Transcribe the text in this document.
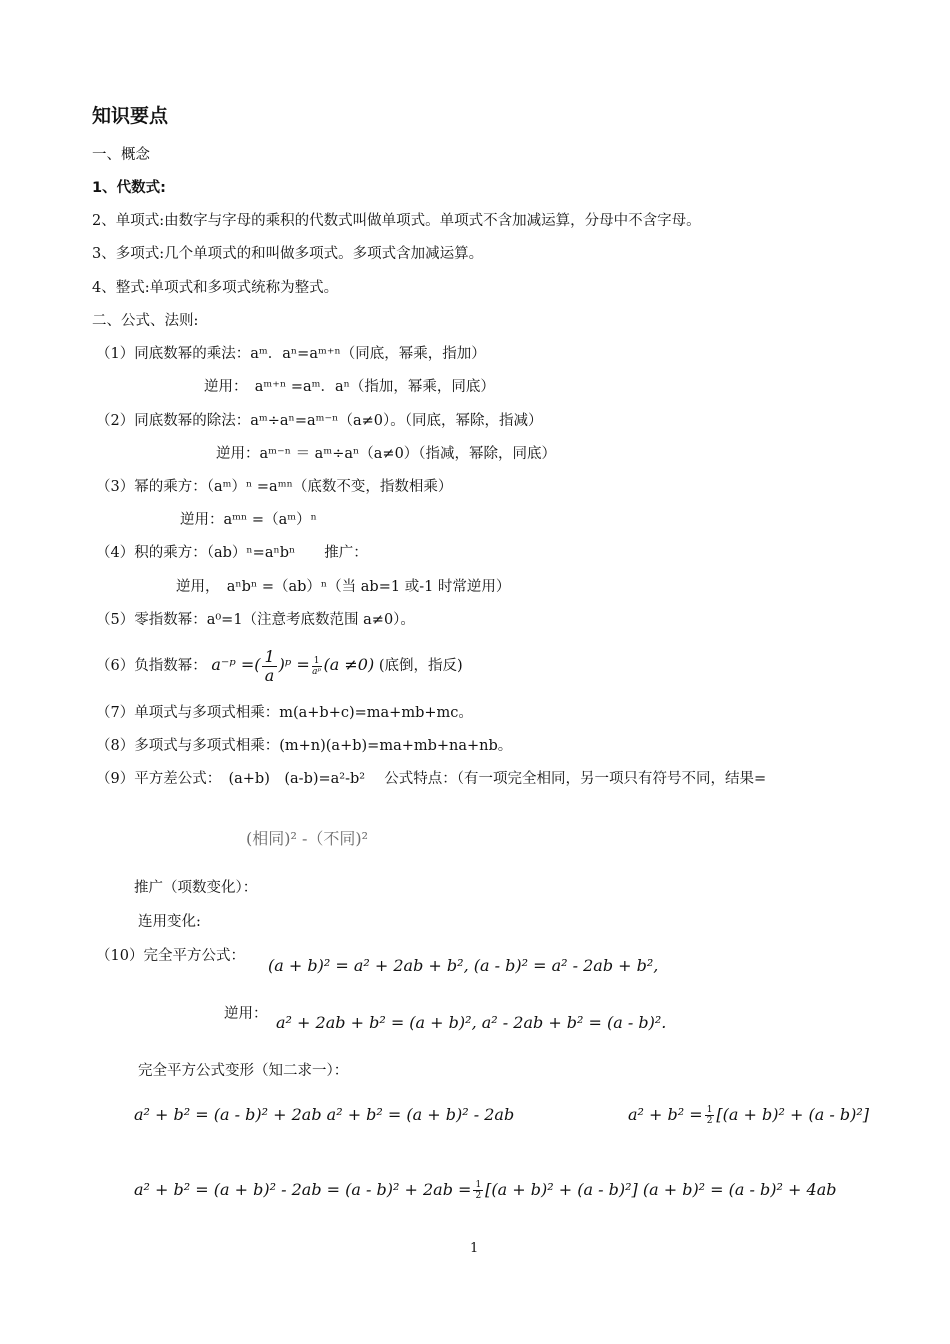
知识要点
一、概念
1、代数式:
2、单项式:由数字与字母的乘积的代数式叫做单项式。单项式不含加减运算，分母中不含字母。
3、多项式:几个单项式的和叫做多项式。多项式含加减运算。
4、整式:单项式和多项式统称为整式。
二、公式、法则:
（1）同底数幂的乘法：aᵐ．aⁿ=aᵐ⁺ⁿ（同底，幂乘，指加）
逆用：　aᵐ⁺ⁿ =aᵐ．aⁿ（指加，幂乘，同底）
（2）同底数幂的除法：aᵐ÷aⁿ=aᵐ⁻ⁿ（a≠0）。（同底，幂除，指减）
逆用：aᵐ⁻ⁿ ＝ aᵐ÷aⁿ（a≠0）（指减，幂除，同底）
（3）幂的乘方：（aᵐ）ⁿ =aᵐⁿ（底数不变，指数相乘）
逆用：aᵐⁿ =（aᵐ）ⁿ
（4）积的乘方：（ab）ⁿ=aⁿbⁿ　　推广：
逆用，　aⁿbⁿ =（ab）ⁿ（当 ab=1 或-1 时常逆用）
（5）零指数幂：a⁰=1（注意考底数范围 a≠0）。
（6）负指数幂： a⁻ᵖ =( $\frac{1}{a}$ )ᵖ = $\frac{1}{\text{aᵖ}} (a \ne 0)$ (底倒，指反)
（7）单项式与多项式相乘：m(a+b+c)=ma+mb+mc。
（8）多项式与多项式相乘：(m+n)(a+b)=ma+mb+na+nb。
（9）平方差公式：　(a+b)　(a-b)=a²-b²　 公式特点：（有一项完全相同，另一项只有符号不同，结果=
(相同)² -（不同)²
推广（项数变化）：
连用变化:
（10）完全平方公式： (a + b)² = a² + 2ab + b², (a - b)² = a² - 2ab + b²,
逆用： a² + 2ab + b² = (a + b)², a² - 2ab + b² = (a - b)².
完全平方公式变形（知二求一）：
a² + b² = (a - b)² + 2ab a² + b² = (a + b)² - 2ab	$a^2 + b^2 = \frac{1}{2} [(a + b)^2 + (a - b)^2]$
$a^2 + b^2 = (a + b)^2 - 2ab = (a - b)^2 + 2ab = \frac{1}{2} [(a + b)^2 + (a - b)^2] (a + b)^2 = (a - b)^2 + 4ab$
1
